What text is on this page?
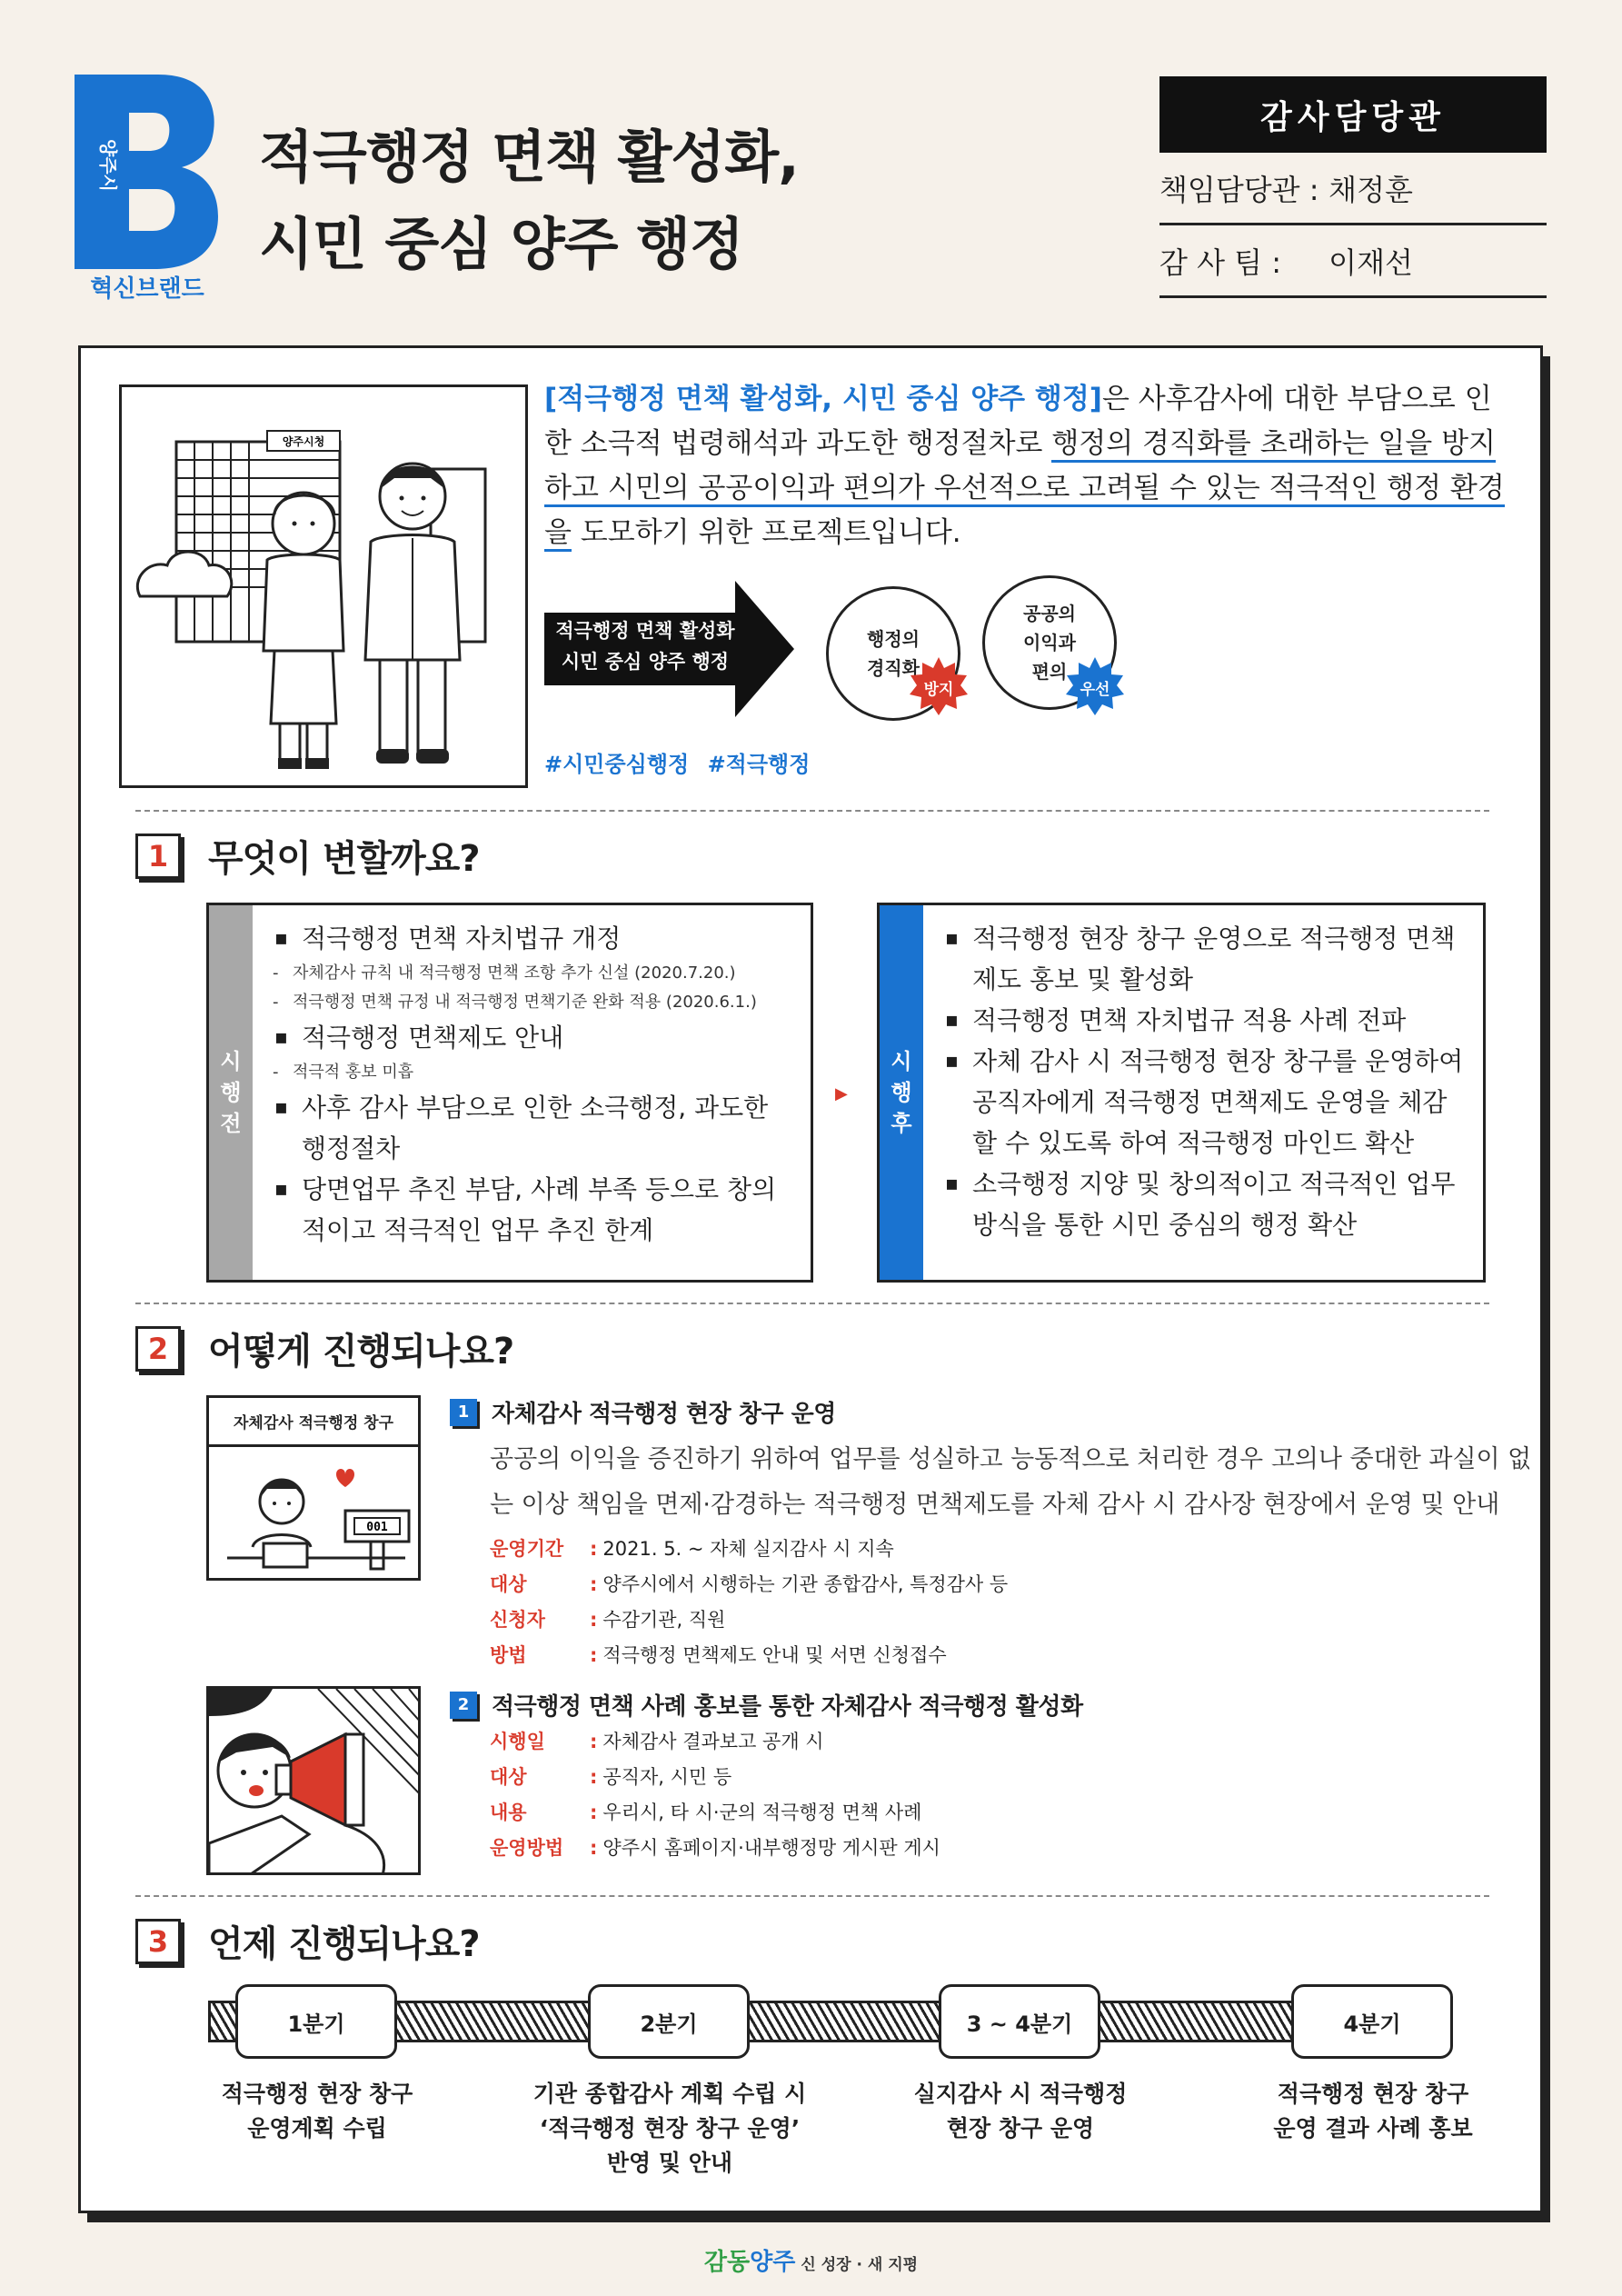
양주시
혁신브랜드
적극행정 면책 활성화,
시민 중심 양주 행정
감사담당관
책임담당관 :
채정훈
감 사 팀 :
	이재선
양주시청
[적극행정 면책 활성화, 시민 중심 양주 행정]은 사후감사에 대한 부담으로 인한 소극적 법령해석과 과도한 행정절차로 행정의 경직화를 초래하는 일을 방지하고 시민의 공공이익과 편의가 우선적으로 고려될 수 있는 적극적인 행정 환경을 도모하기 위한 프로젝트입니다.
적극행정 면책 활성화
시민 중심 양주 행정
행정의
경직화
방지
공공의
이익과
편의
우선
#시민중심행정 #적극행정
1	무엇이 변할까요?
시
행
전
▪ 적극행정 면책 자치법규 개정
- 자체감사 규칙 내 적극행정 면책 조항 추가 신설 (2020.7.20.)
- 적극행정 면책 규정 내 적극행정 면책기준 완화 적용 (2020.6.1.)
▪ 적극행정 면책제도 안내
- 적극적 홍보 미흡
▪ 사후 감사 부담으로 인한 소극행정, 과도한 행정절차
▪ 당면업무 추진 부담, 사례 부족 등으로 창의적이고 적극적인 업무 추진 한계
▶
시
행
후
▪ 적극행정 현장 창구 운영으로 적극행정 면책제도 홍보 및 활성화
▪ 적극행정 면책 자치법규 적용 사례 전파
▪ 자체 감사 시 적극행정 현장 창구를 운영하여 공직자에게 적극행정 면책제도 운영을 체감할 수 있도록 하여 적극행정 마인드 확산
▪ 소극행정 지양 및 창의적이고 적극적인 업무방식을 통한 시민 중심의 행정 확산
2	어떻게 진행되나요?
자체감사 적극행정 창구
001
1 자체감사 적극행정 현장 창구 운영
공공의 이익을 증진하기 위하여 업무를 성실하고 능동적으로 처리한 경우 고의나 중대한 과실이 없는 이상 책임을 면제·감경하는 적극행정 면책제도를 자체 감사 시 감사장 현장에서 운영 및 안내
운영기간 : 2021. 5. ~ 자체 실지감사 시 지속
대상	: 양주시에서 시행하는 기관 종합감사, 특정감사 등
신청자 : 수감기관, 직원
방법	: 적극행정 면책제도 안내 및 서면 신청접수
2 적극행정 면책 사례 홍보를 통한 자체감사 적극행정 활성화
시행일 : 자체감사 결과보고 공개 시
대상	: 공직자, 시민 등
내용	: 우리시, 타 시·군의 적극행정 면책 사례
운영방법 : 양주시 홈페이지·내부행정망 게시판 게시
3	언제 진행되나요?
1분기	2분기	3 ~ 4분기	4분기
적극행정 현장 창구
운영계획 수립
기관 종합감사 계획 수립 시
‘적극행정 현장 창구 운영’
반영 및 안내
실지감사 시 적극행정
현장 창구 운영
적극행정 현장 창구
운영 결과 사례 홍보
감동양주 신 성장 · 새 지평
